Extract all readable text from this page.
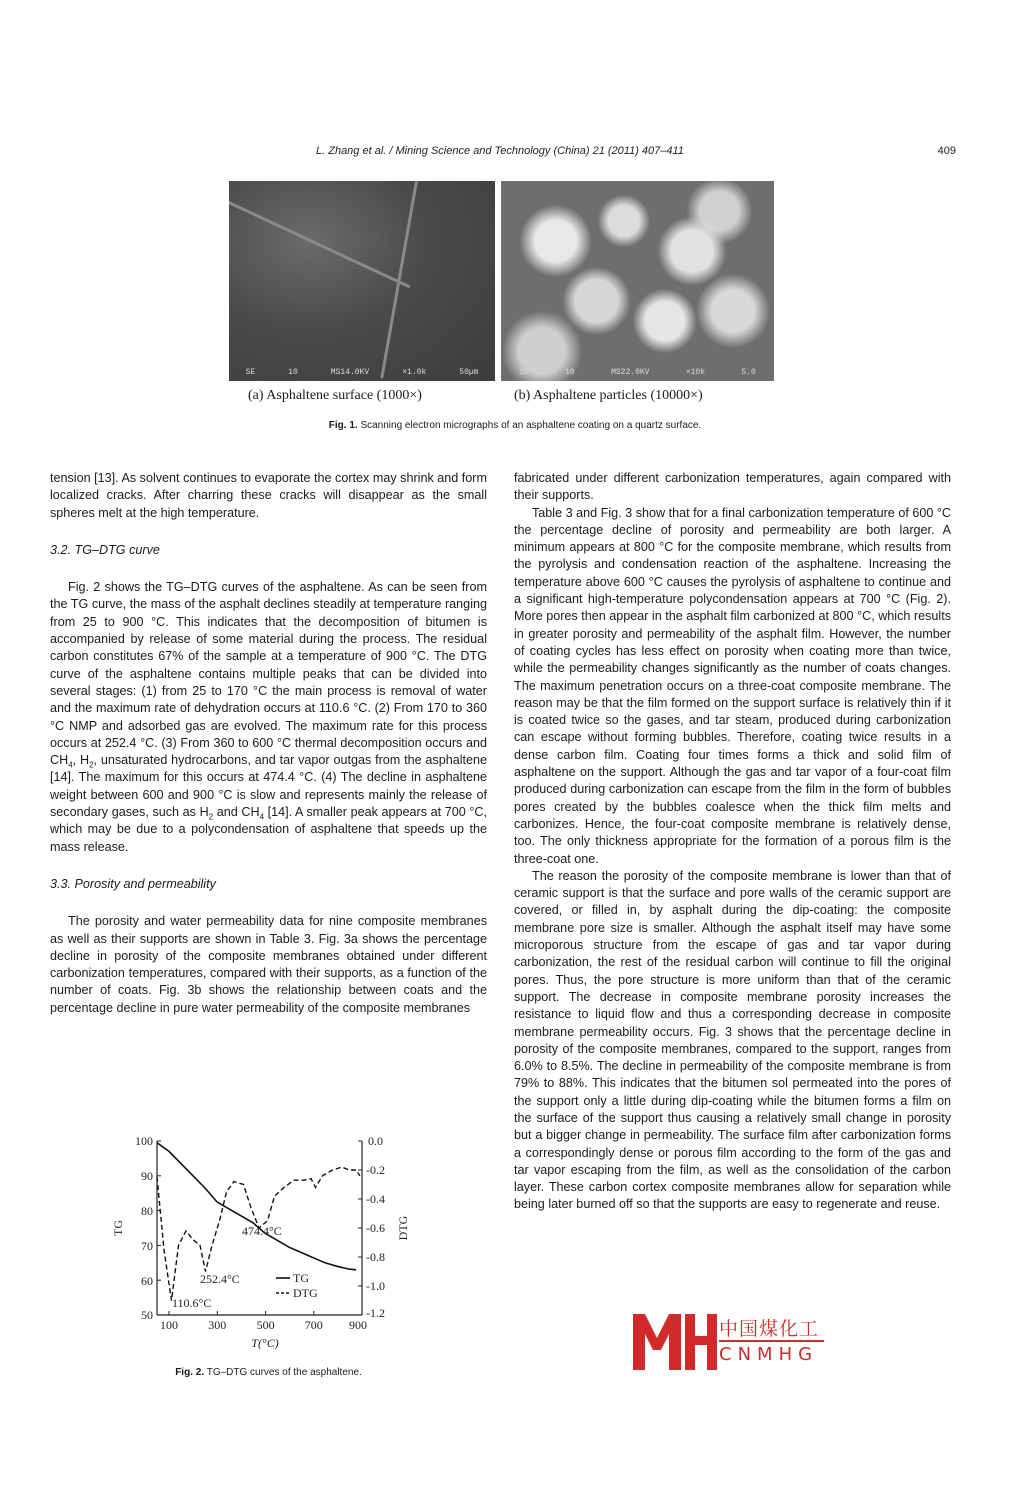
L. Zhang et al. / Mining Science and Technology (China) 21 (2011) 407–411	409
SE	10	MS14.0KV	×1.0k	50µm	SE	10	MS22.0KV	×10k	5.0
(a) Asphaltene surface (1000×)	(b) Asphaltene particles (10000×)
Fig. 1. Scanning electron micrographs of an asphaltene coating on a quartz surface.

tension [13]. As solvent continues to evaporate the cortex may shrink and form localized cracks. After charring these cracks will disappear as the small spheres melt at the high temperature.

3.2. TG–DTG curve

Fig. 2 shows the TG–DTG curves of the asphaltene. As can be seen from the TG curve, the mass of the asphalt declines steadily at temperature ranging from 25 to 900 °C. This indicates that the decomposition of bitumen is accompanied by release of some material during the process. The residual carbon constitutes 67% of the sample at a temperature of 900 °C. The DTG curve of the asphaltene contains multiple peaks that can be divided into several stages: (1) from 25 to 170 °C the main process is removal of water and the maximum rate of dehydration occurs at 110.6 °C. (2) From 170 to 360 °C NMP and adsorbed gas are evolved. The maximum rate for this process occurs at 252.4 °C. (3) From 360 to 600 °C thermal decomposition occurs and $CH_4$, $H_2$, unsaturated hydrocarbons, and tar vapor outgas from the asphaltene [14]. The maximum for this occurs at 474.4 °C. (4) The decline in asphaltene weight between 600 and 900 °C is slow and represents mainly the release of secondary gases, such as $H_2$ and $CH_4$ [14]. A smaller peak appears at 700 °C, which may be due to a polycondensation of asphaltene that speeds up the mass release.

3.3. Porosity and permeability

The porosity and water permeability data for nine composite membranes as well as their supports are shown in Table 3. Fig. 3a shows the percentage decline in porosity of the composite membranes obtained under different carbonization temperatures, compared with their supports, as a function of the number of coats. Fig. 3b shows the relationship between coats and the percentage decline in pure water permeability of the composite membranes

100
90
80
70
60
50
0.0
-0.2
-0.4
-0.6
-0.8
-1.0
-1.2
100	300	500	700 900
T(°C)
TG	DTG
110.6°C
252.4°C
474.4°C
TG
DTG
Fig. 2. TG–DTG curves of the asphaltene.

fabricated under different carbonization temperatures, again compared with their supports.

Table 3 and Fig. 3 show that for a final carbonization temperature of 600 °C the percentage decline of porosity and permeability are both larger. A minimum appears at 800 °C for the composite membrane, which results from the pyrolysis and condensation reaction of the asphaltene. Increasing the temperature above 600 °C causes the pyrolysis of asphaltene to continue and a significant high-temperature polycondensation appears at 700 °C (Fig. 2). More pores then appear in the asphalt film carbonized at 800 °C, which results in greater porosity and permeability of the asphalt film. However, the number of coating cycles has less effect on porosity when coating more than twice, while the permeability changes significantly as the number of coats changes. The maximum penetration occurs on a three-coat composite membrane. The reason may be that the film formed on the support surface is relatively thin if it is coated twice so the gases, and tar steam, produced during carbonization can escape without forming bubbles. Therefore, coating twice results in a dense carbon film. Coating four times forms a thick and solid film of asphaltene on the support. Although the gas and tar vapor of a four-coat film produced during carbonization can escape from the film in the form of bubbles pores created by the bubbles coalesce when the thick film melts and carbonizes. Hence, the four-coat composite membrane is relatively dense, too. The only thickness appropriate for the formation of a porous film is the three-coat one.

The reason the porosity of the composite membrane is lower than that of ceramic support is that the surface and pore walls of the ceramic support are covered, or filled in, by asphalt during the dip-coating: the composite membrane pore size is smaller. Although the asphalt itself may have some microporous structure from the escape of gas and tar vapor during carbonization, the rest of the residual carbon will continue to fill the original pores. Thus, the pore structure is more uniform than that of the ceramic support. The decrease in composite membrane porosity increases the resistance to liquid flow and thus a corresponding decrease in composite membrane permeability occurs. Fig. 3 shows that the percentage decline in porosity of the composite membranes, compared to the support, ranges from 6.0% to 8.5%. The decline in permeability of the composite membrane is from 79% to 88%. This indicates that the bitumen sol permeated into the pores of the support only a little during dip-coating while the bitumen forms a film on the surface of the support thus causing a relatively small change in porosity but a bigger change in permeability. The surface film after carbonization forms a correspondingly dense or porous film according to the form of the gas and tar vapor escaping from the film, as well as the consolidation of the carbon layer. These carbon cortex composite membranes allow for separation while being later burned off so that the supports are easy to regenerate and reuse.

中国煤化工
CNMHG
